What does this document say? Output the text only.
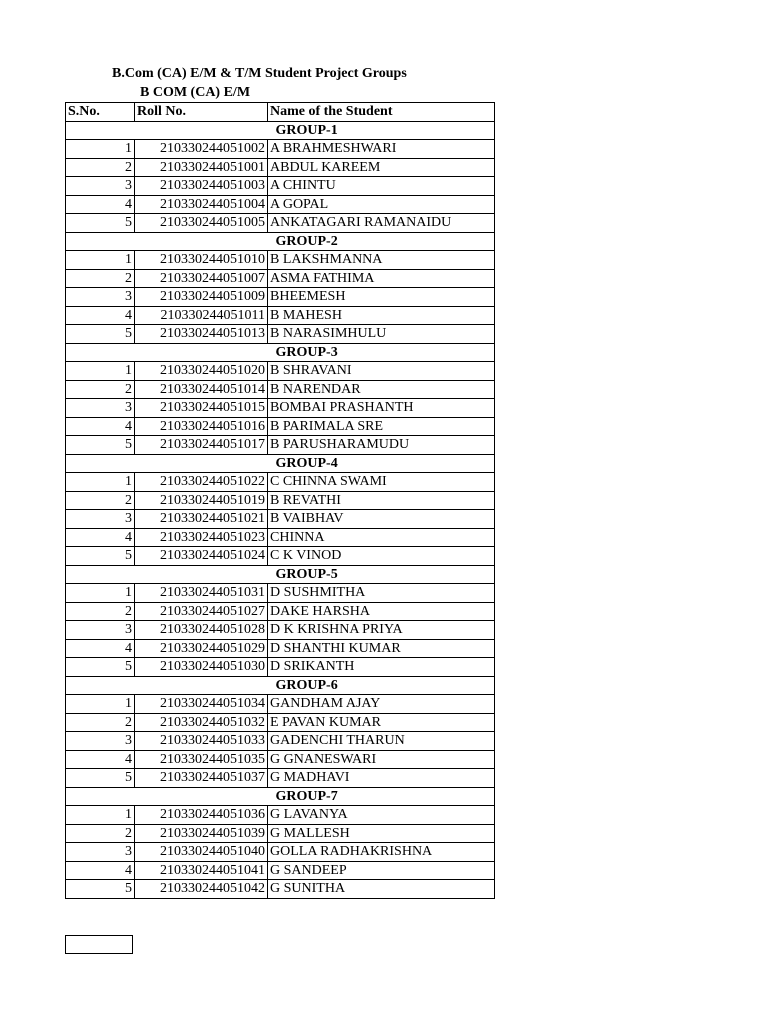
B.Com (CA) E/M & T/M Student Project Groups
B COM (CA) E/M
S.No.	Roll No.	Name of the Student
		GROUP-1
1	210330244051002	A BRAHMESHWARI
2	210330244051001	ABDUL KAREEM
3	210330244051003	A CHINTU
4	210330244051004	A GOPAL
5	210330244051005	ANKATAGARI RAMANAIDU
		GROUP-2
1	210330244051010	B LAKSHMANNA
2	210330244051007	ASMA FATHIMA
3	210330244051009	BHEEMESH
4	210330244051011	B MAHESH
5	210330244051013	B NARASIMHULU
		GROUP-3
1	210330244051020	B SHRAVANI
2	210330244051014	B NARENDAR
3	210330244051015	BOMBAI PRASHANTH
4	210330244051016	B PARIMALA SRE
5	210330244051017	B PARUSHARAMUDU
		GROUP-4
1	210330244051022	C CHINNA SWAMI
2	210330244051019	B REVATHI
3	210330244051021	B VAIBHAV
4	210330244051023	CHINNA
5	210330244051024	C K VINOD
		GROUP-5
1	210330244051031	D SUSHMITHA
2	210330244051027	DAKE HARSHA
3	210330244051028	D K KRISHNA PRIYA
4	210330244051029	D SHANTHI KUMAR
5	210330244051030	D SRIKANTH
		GROUP-6
1	210330244051034	GANDHAM AJAY
2	210330244051032	E PAVAN KUMAR
3	210330244051033	GADENCHI THARUN
4	210330244051035	G GNANESWARI
5	210330244051037	G MADHAVI
		GROUP-7
1	210330244051036	G LAVANYA
2	210330244051039	G MALLESH
3	210330244051040	GOLLA RADHAKRISHNA
4	210330244051041	G SANDEEP
5	210330244051042	G SUNITHA
